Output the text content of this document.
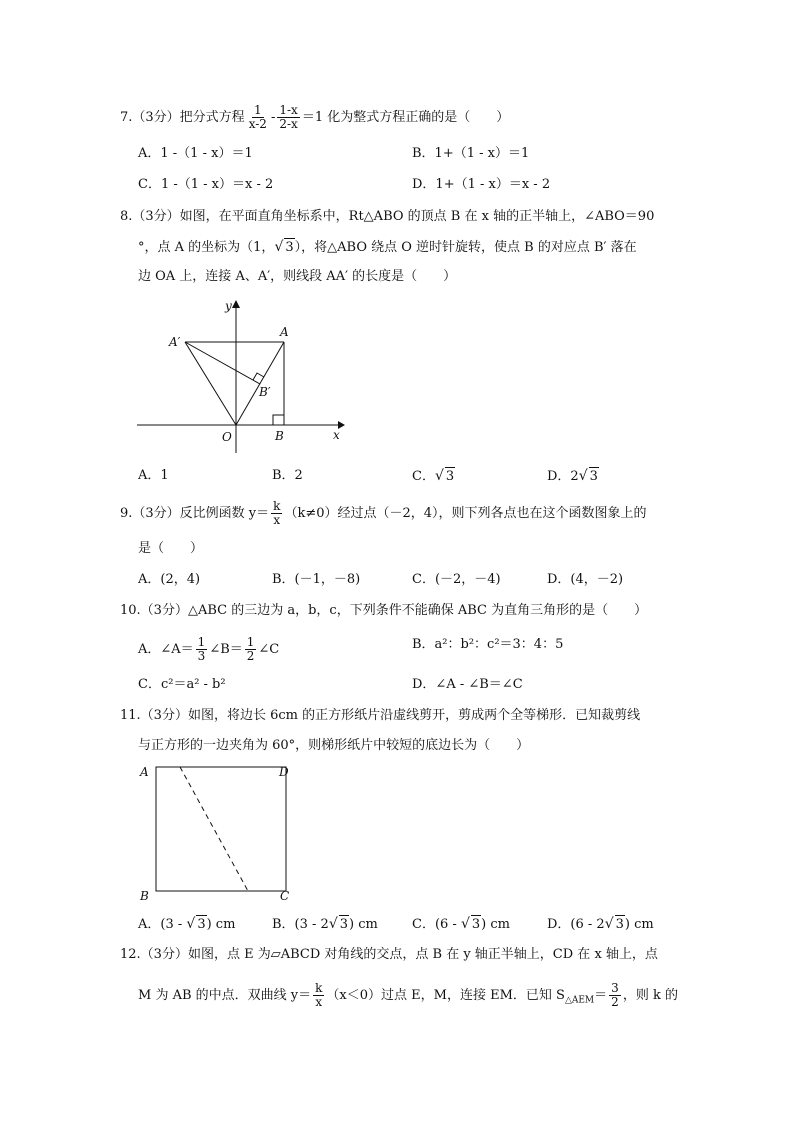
7.（3分）把分式方程 $\frac{1}{x-2} - \frac{1-x}{2-x} =1$ 化为整式方程正确的是（　　）
A．1 -（1 - x）＝1	B．1+（1 - x）＝1
C．1 -（1 - x）＝x - 2	D．1+（1 - x）＝x - 2
8.（3分）如图，在平面直角坐标系中，Rt△ABO 的顶点 B 在 x 轴的正半轴上，∠ABO＝90
°，点 A 的坐标为（1，√ 3），将△ABO 绕点 O 逆时针旋转，使点 B 的对应点 B′ 落在
边 OA 上，连接 A、A′，则线段 AA′ 的长度是（　　）
y
x
A′
A
B′
O	B
A．1	B．2	C．√ 3	D．2√ 3
9.（3分）反比例函数 $y= \frac{k}{x} (k\ne 0)$经过点（－2，4），则下列各点也在这个函数图象上的
是（　　）
A．(2，4)	B．(－1，－8)	C．(－2，－4)	D．(4，－2)
10.（3分）△ABC 的三边为 a，b，c，下列条件不能确保 ABC 为直角三角形的是（　　）
A．∠A＝ $\frac{1}{3}$ ∠B＝ $\frac{1}{2}$ ∠C	B．a²：b²：c²＝3：4：5
C．c²＝a² - b²	D．∠A - ∠B＝∠C
11.（3分）如图，将边长 6cm 的正方形纸片沿虚线剪开，剪成两个全等梯形．已知裁剪线
与正方形的一边夹角为 60°，则梯形纸片中较短的底边长为（　　）
A	D
B	C
A．(3 - √ 3) cm	B．(3 - 2√ 3) cm	C．(6 - √ 3) cm	D．(6 - 2√ 3) cm
12.（3分）如图，点 E 为▱ABCD 对角线的交点，点 B 在 y 轴正半轴上，CD 在 x 轴上，点
M 为 AB 的中点．双曲线 $y= \frac{k}{x} (x<0)$过点 E，M，连接 EM．已知 $S_{\triangle AEM}= \frac{3}{2}$ ，则 k 的
